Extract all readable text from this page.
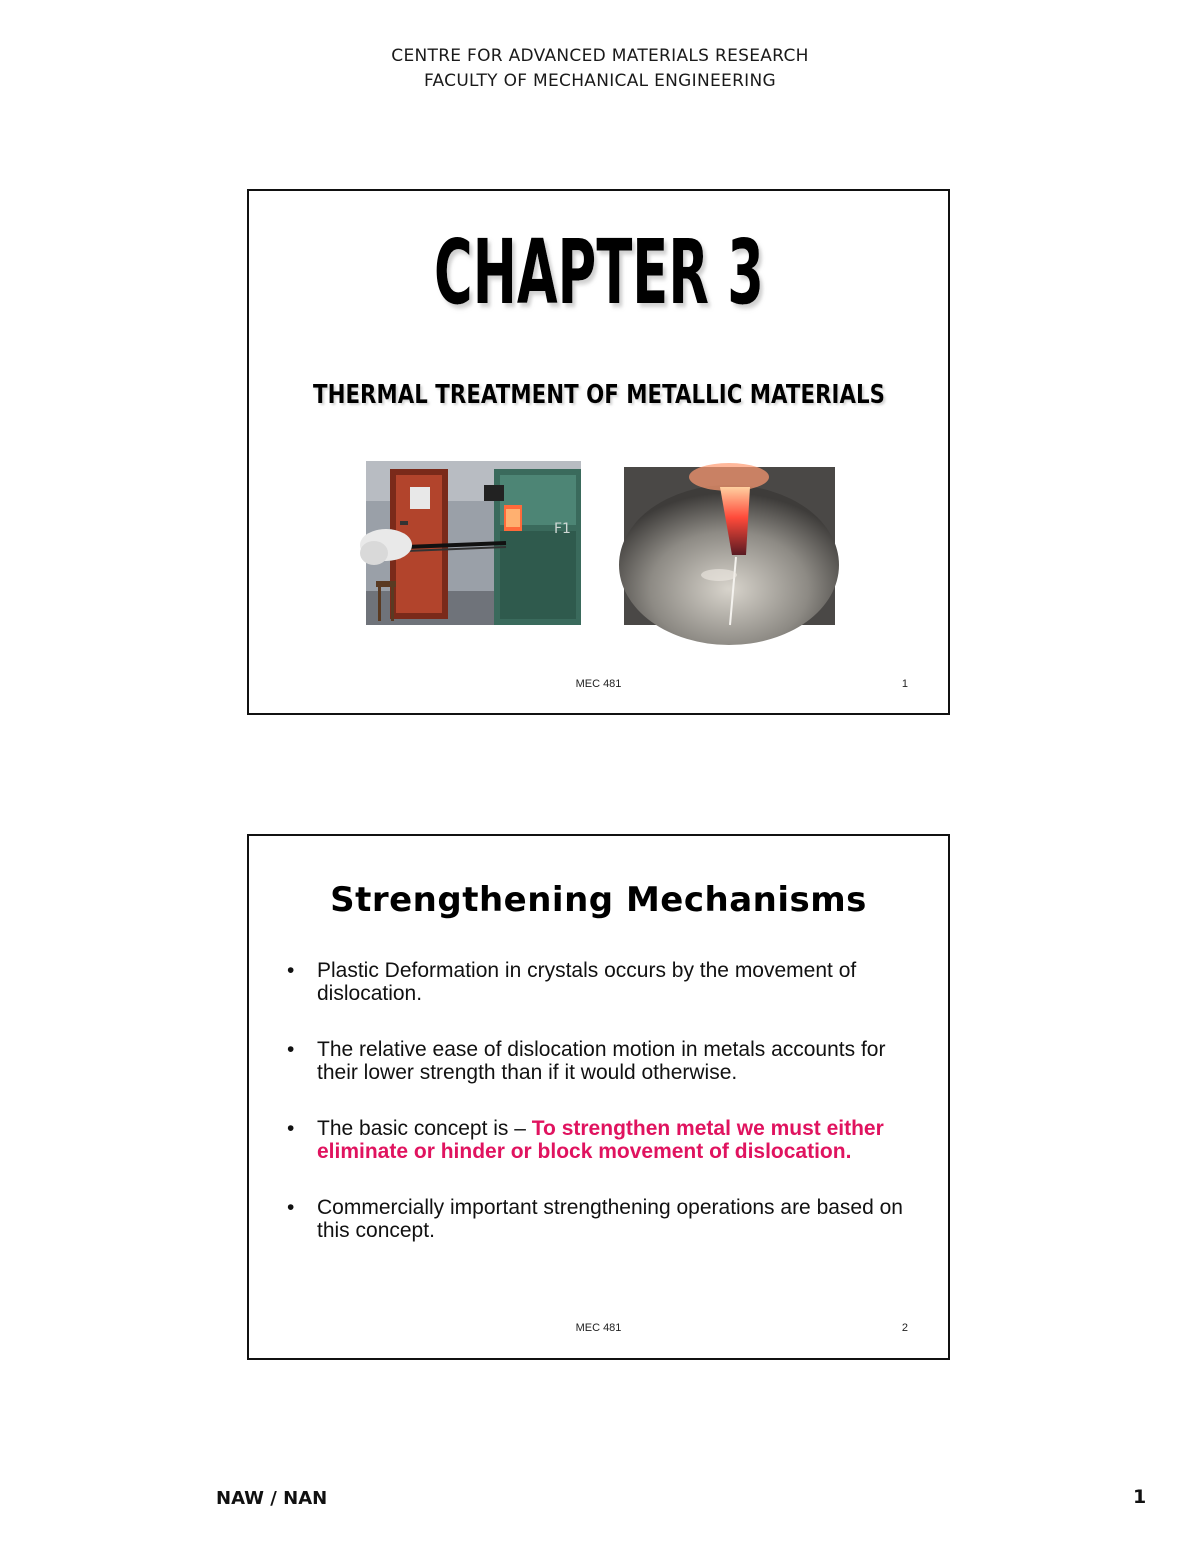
CENTRE FOR ADVANCED MATERIALS RESEARCH
FACULTY OF MECHANICAL ENGINEERING
CHAPTER 3
THERMAL TREATMENT OF METALLIC MATERIALS
F1
MEC 481	1
Strengthening Mechanisms
• Plastic Deformation in crystals occurs by the movement of dislocation.
• The relative ease of dislocation motion in metals accounts for their lower strength than if it would otherwise.
• The basic concept is – To strengthen metal we must either eliminate or hinder or block movement of dislocation.
• Commercially important strengthening operations are based on this concept.
MEC 481	2
NAW / NAN	1
